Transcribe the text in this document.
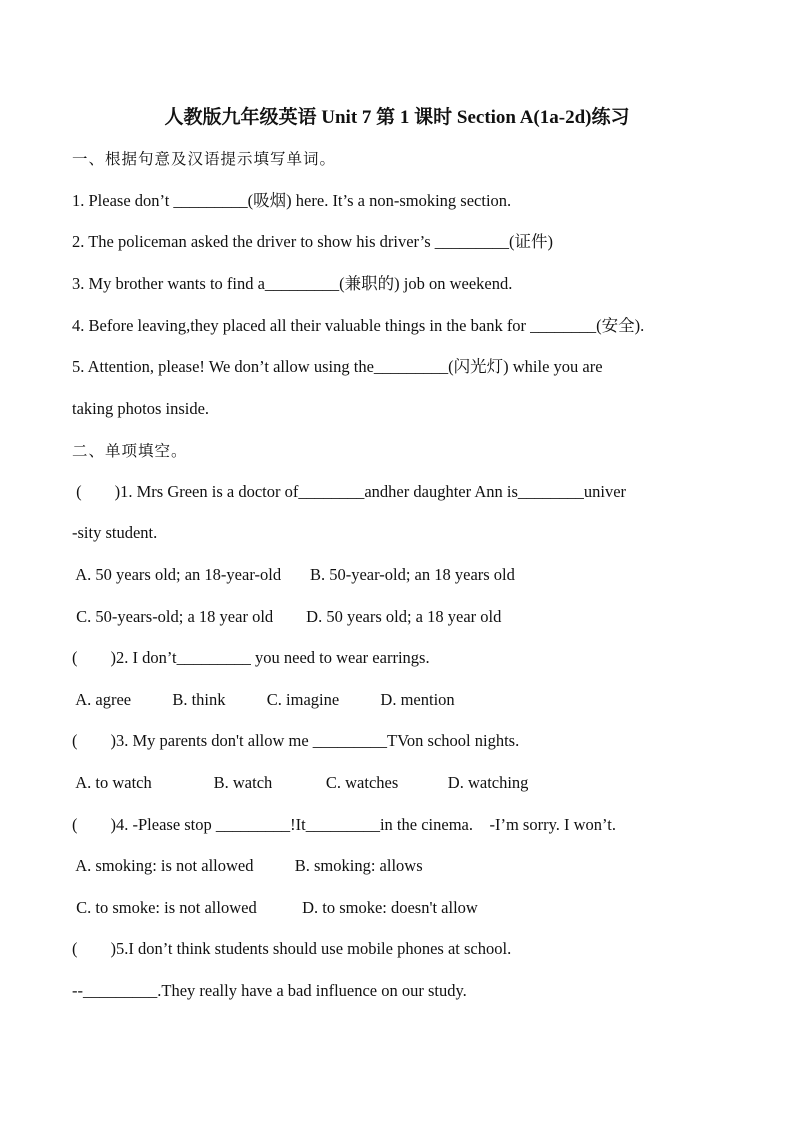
人教版九年级英语 Unit 7 第 1 课时 Section A(1a-2d)练习

一、根据句意及汉语提示填写单词。

1. Please don’t _________(吸烟) here. It’s a non-smoking section.

2. The policeman asked the driver to show his driver’s _________(证件)

3. My brother wants to find a_________(兼职的) job on weekend.

4. Before leaving,they placed all their valuable things in the bank for ________(安全).

5. Attention, please! We don’t allow using the_________(闪光灯) while you are

taking photos inside.

二、单项填空。

(        )1. Mrs Green is a doctor of________andher daughter Ann is________univer

-sity student.

A. 50 years old; an 18-year-old       B. 50-year-old; an 18 years old

C. 50-years-old; a 18 year old        D. 50 years old; a 18 year old

(        )2. I don’t_________ you need to wear earrings.

A. agree          B. think          C. imagine          D. mention

(        )3. My parents don't allow me _________TVon school nights.

A. to watch               B. watch             C. watches            D. watching

(        )4. -Please stop _________!It_________in the cinema.    -I’m sorry. I won’t.

A. smoking: is not allowed          B. smoking: allows

C. to smoke: is not allowed           D. to smoke: doesn't allow

(        )5.I don’t think students should use mobile phones at school.

--_________.They really have a bad influence on our study.
